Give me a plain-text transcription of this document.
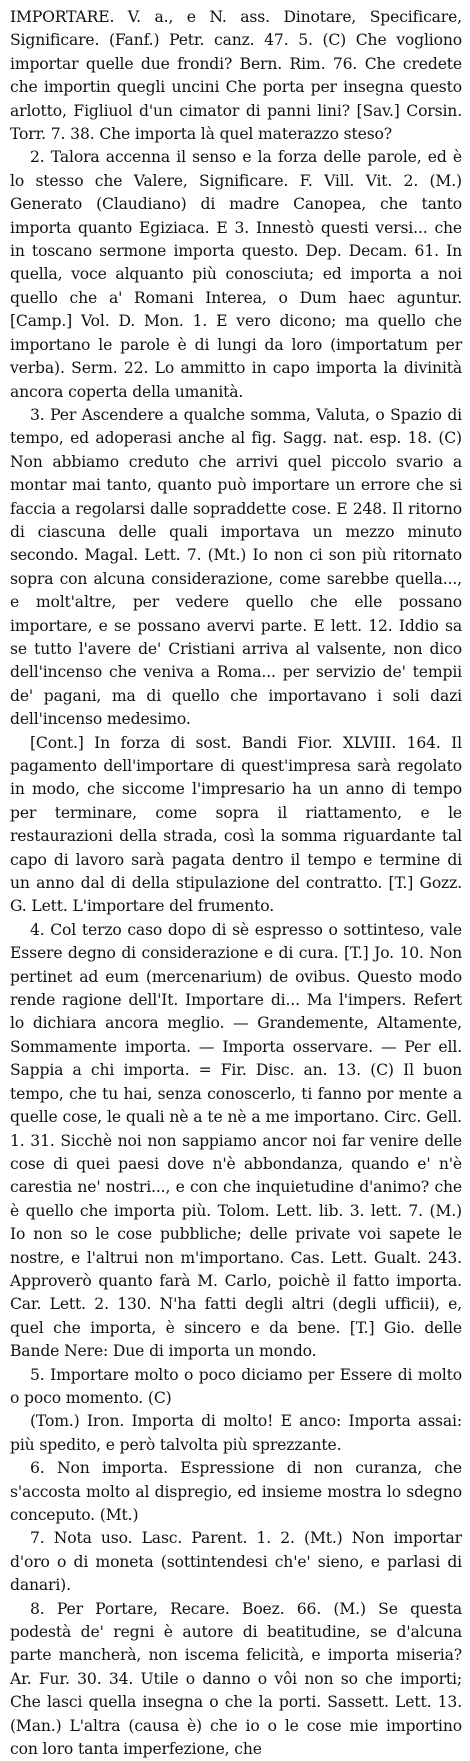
IMPORTARE. V. a., e N. ass. Dinotare, Specificare, Significare. (Fanf.) Petr. canz. 47. 5. (C) Che vogliono importar quelle due frondi? Bern. Rim. 76. Che credete che importin quegli uncini Che porta per insegna questo arlotto, Figliuol d'un cimator di panni lini? [Sav.] Corsin. Torr. 7. 38. Che importa là quel materazzo steso?

2. Talora accenna il senso e la forza delle parole, ed è lo stesso che Valere, Significare. F. Vill. Vit. 2. (M.) Generato (Claudiano) di madre Canopea, che tanto importa quanto Egiziaca. E 3. Innestò questi versi... che in toscano sermone importa questo. Dep. Decam. 61. In quella, voce alquanto più conosciuta; ed importa a noi quello che a' Romani Interea, o Dum haec aguntur. [Camp.] Vol. D. Mon. 1. E vero dicono; ma quello che importano le parole è di lungi da loro (importatum per verba). Serm. 22. Lo ammitto in capo importa la divinità ancora coperta della umanità.

3. Per Ascendere a qualche somma, Valuta, o Spazio di tempo, ed adoperasi anche al fig. Sagg. nat. esp. 18. (C) Non abbiamo creduto che arrivi quel piccolo svario a montar mai tanto, quanto può importare un errore che si faccia a regolarsi dalle sopraddette cose. E 248. Il ritorno di ciascuna delle quali importava un mezzo minuto secondo. Magal. Lett. 7. (Mt.) Io non ci son più ritornato sopra con alcuna considerazione, come sarebbe quella..., e molt'altre, per vedere quello che elle possano importare, e se possano avervi parte. E lett. 12. Iddio sa se tutto l'avere de' Cristiani arriva al valsente, non dico dell'incenso che veniva a Roma... per servizio de' tempii de' pagani, ma di quello che importavano i soli dazi dell'incenso medesimo.

[Cont.] In forza di sost. Bandi Fior. XLVIII. 164. Il pagamento dell'importare di quest'impresa sarà regolato in modo, che siccome l'impresario ha un anno di tempo per terminare, come sopra il riattamento, e le restaurazioni della strada, così la somma riguardante tal capo di lavoro sarà pagata dentro il tempo e termine di un anno dal di della stipulazione del contratto. [T.] Gozz. G. Lett. L'importare del frumento.

4. Col terzo caso dopo di sè espresso o sottinteso, vale Essere degno di considerazione e di cura. [T.] Jo. 10. Non pertinet ad eum (mercenarium) de ovibus. Questo modo rende ragione dell'It. Importare di... Ma l'impers. Refert lo dichiara ancora meglio. — Grandemente, Altamente, Sommamente importa. — Importa osservare. — Per ell. Sappia a chi importa. = Fir. Disc. an. 13. (C) Il buon tempo, che tu hai, senza conoscerlo, ti fanno por mente a quelle cose, le quali nè a te nè a me importano. Circ. Gell. 1. 31. Sicchè noi non sappiamo ancor noi far venire delle cose di quei paesi dove n'è abbondanza, quando e' n'è carestia ne' nostri..., e con che inquietudine d'animo? che è quello che importa più. Tolom. Lett. lib. 3. lett. 7. (M.) Io non so le cose pubbliche; delle private voi sapete le nostre, e l'altrui non m'importano. Cas. Lett. Gualt. 243. Approverò quanto farà M. Carlo, poichè il fatto importa. Car. Lett. 2. 130. N'ha fatti degli altri (degli ufficii), e, quel che importa, è sincero e da bene. [T.] Gio. delle Bande Nere: Due di importa un mondo.

5. Importare molto o poco diciamo per Essere di molto o poco momento. (C)

(Tom.) Iron. Importa di molto! E anco: Importa assai: più spedito, e però talvolta più sprezzante.

6. Non importa. Espressione di non curanza, che s'accosta molto al dispregio, ed insieme mostra lo sdegno conceputo. (Mt.)

7. Nota uso. Lasc. Parent. 1. 2. (Mt.) Non importar d'oro o di moneta (sottintendesi ch'e' sieno, e parlasi di danari).

8. Per Portare, Recare. Boez. 66. (M.) Se questa podestà de' regni è autore di beatitudine, se d'alcuna parte mancherà, non iscema felicità, e importa miseria? Ar. Fur. 30. 34. Utile o danno o vôi non so che importi; Che lasci quella insegna o che la porti. Sassett. Lett. 13. (Man.) L'altra (causa è) che io o le cose mie importino con loro tanta imperfezione, che
